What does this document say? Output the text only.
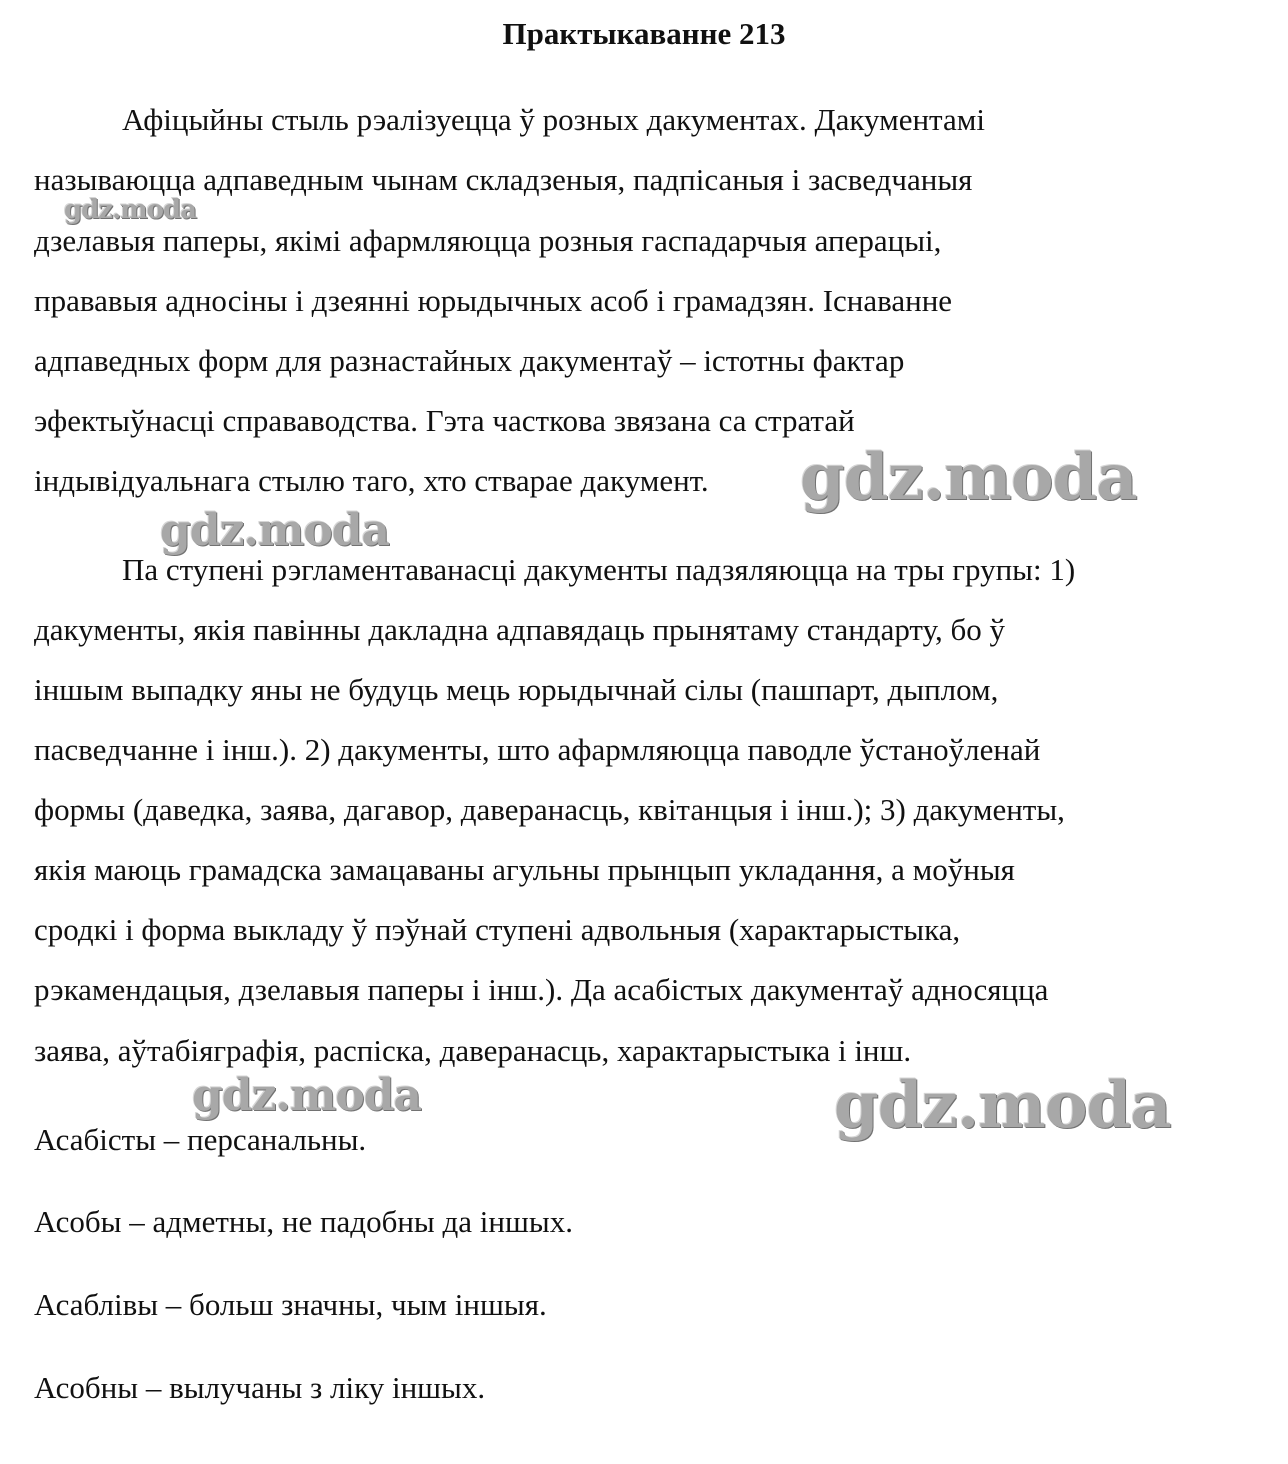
Практыкаванне 213
Афіцыйны стыль рэалізуецца ў розных дакументах. Дакументамі
называюцца адпаведным чынам складзеныя, падпісаныя і засведчаныя
дзелавыя паперы, якімі афармляюцца розныя гаспадарчыя аперацыі,
прававыя адносіны і дзеянні юрыдычных асоб і грамадзян. Існаванне
адпаведных форм для разнастайных дакументаў – істотны фактар
эфектыўнасці справаводства. Гэта часткова звязана са стратай
індывідуальнага стылю таго, хто стварае дакумент.
Па ступені рэгламентаванасці дакументы падзяляюцца на тры групы: 1)
дакументы, якія павінны дакладна адпавядаць прынятаму стандарту, бо ў
іншым выпадку яны не будуць мець юрыдычнай сілы (пашпарт, дыплом,
пасведчанне і інш.). 2) дакументы, што афармляюцца паводле ўстаноўленай
формы (даведка, заява, дагавор, даверанасць, квітанцыя і інш.); 3) дакументы,
якія маюць грамадска замацаваны агульны прынцып укладання, а моўныя
сродкі і форма выкладу ў пэўнай ступені адвольныя (характарыстыка,
рэкамендацыя, дзелавыя паперы і інш.). Да асабістых дакументаў адносяцца
заява, аўтабіяграфія, распіска, даверанасць, характарыстыка і інш.
Асабісты – персанальны.
Асобы – адметны, не падобны да іншых.
Асаблівы – больш значны, чым іншыя.
Асобны – вылучаны з ліку іншых.
gdz.moda
gdz.moda
gdz.moda
gdz.moda	gdz.moda
